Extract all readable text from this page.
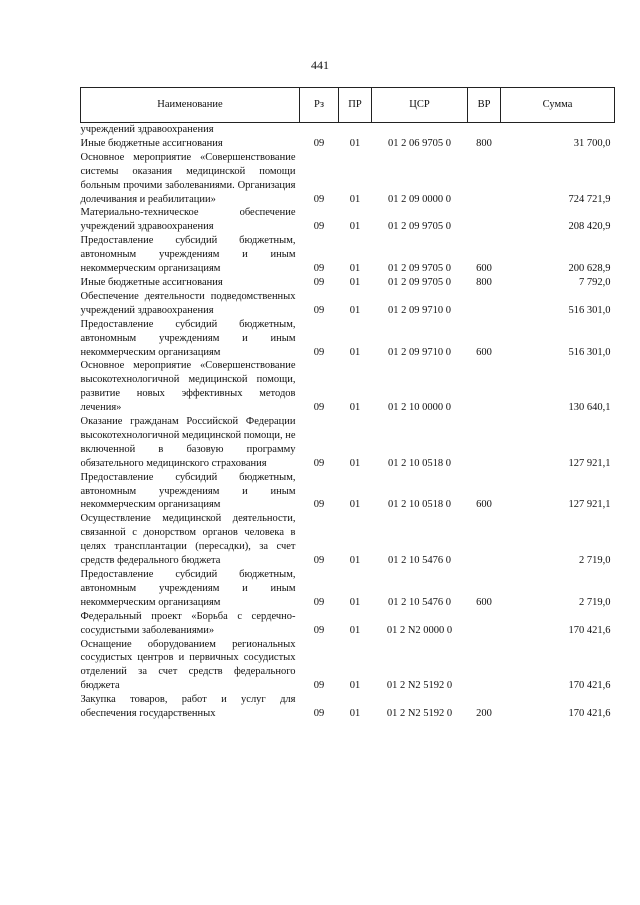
441
Наименование	Рз	ПР	ЦСР	ВР	Сумма
учреждений здравоохранения					
Иные бюджетные ассигнования	09	01	01 2 06 9705 0	800	31 700,0
Основное мероприятие «Совершенствование системы оказания медицинской помощи больным прочими заболеваниями. Организация долечивания и реабилитации»	09	01	01 2 09 0000 0		724 721,9
Материально-техническое обеспечение учреждений здравоохранения	09	01	01 2 09 9705 0		208 420,9
Предоставление субсидий бюджетным, автономным учреждениям и иным некоммерческим организациям	09	01	01 2 09 9705 0	600	200 628,9
Иные бюджетные ассигнования	09	01	01 2 09 9705 0	800	7 792,0
Обеспечение деятельности подведомственных учреждений здравоохранения	09	01	01 2 09 9710 0		516 301,0
Предоставление субсидий бюджетным, автономным учреждениям и иным некоммерческим организациям	09	01	01 2 09 9710 0	600	516 301,0
Основное мероприятие «Совершенствование высокотехнологичной медицинской помощи, развитие новых эффективных методов лечения»	09	01	01 2 10 0000 0		130 640,1
Оказание гражданам Российской Федерации высокотехнологичной медицинской помощи, не включенной в базовую программу обязательного медицинского страхования	09	01	01 2 10 0518 0		127 921,1
Предоставление субсидий бюджетным, автономным учреждениям и иным некоммерческим организациям	09	01	01 2 10 0518 0	600	127 921,1
Осуществление медицинской деятельности, связанной с донорством органов человека в целях трансплантации (пересадки), за счет средств федерального бюджета	09	01	01 2 10 5476 0		2 719,0
Предоставление субсидий бюджетным, автономным учреждениям и иным некоммерческим организациям	09	01	01 2 10 5476 0	600	2 719,0
Федеральный проект «Борьба с сердечно-сосудистыми заболеваниями»	09	01	01 2 N2 0000 0		170 421,6
Оснащение оборудованием региональных сосудистых центров и первичных сосудистых отделений за счет средств федерального бюджета	09	01	01 2 N2 5192 0		170 421,6
Закупка товаров, работ и услуг для обеспечения государственных	09	01	01 2 N2 5192 0	200	170 421,6
